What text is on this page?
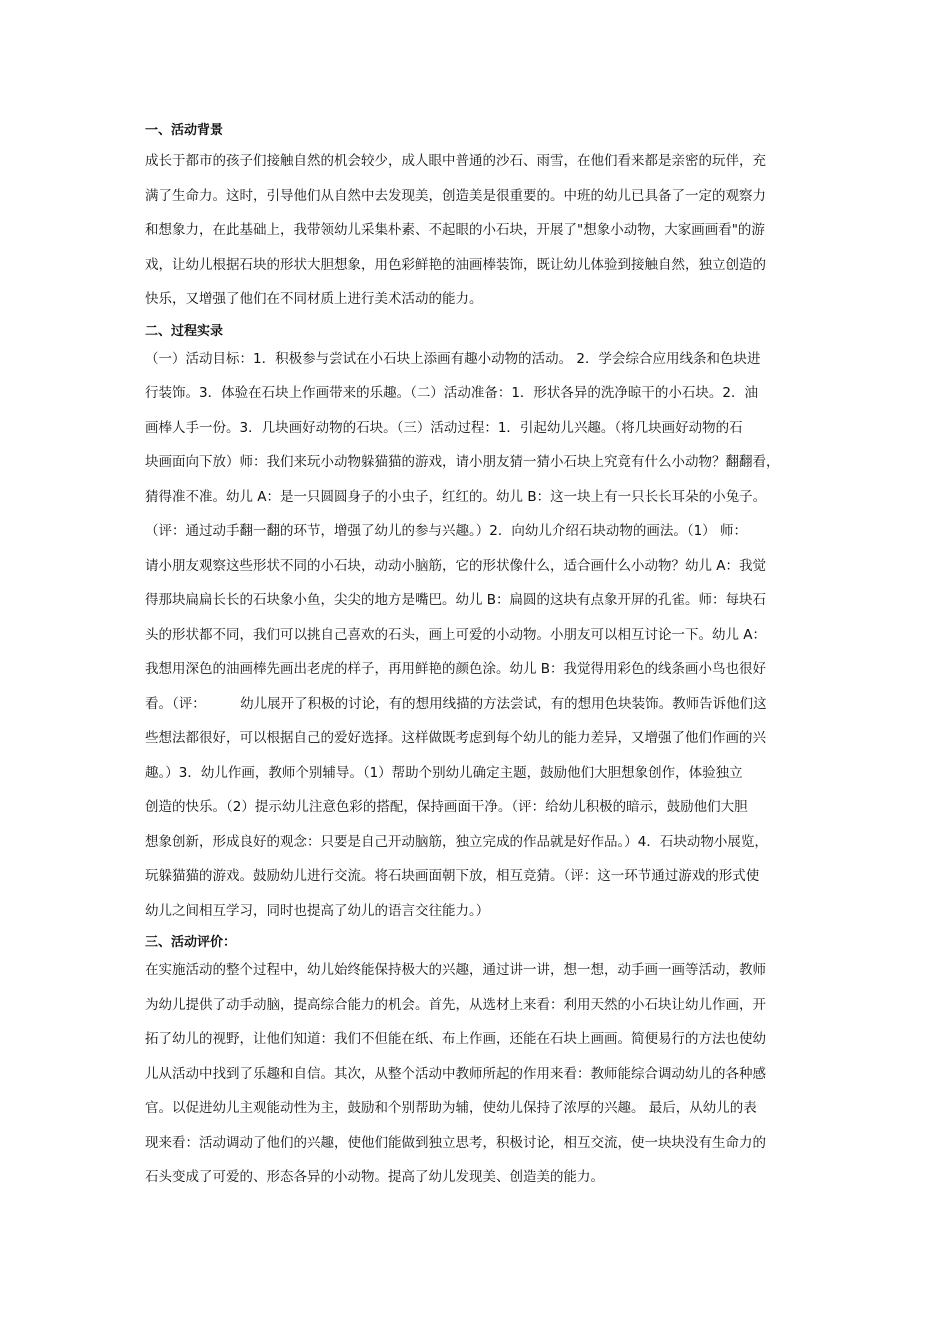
一、活动背景
成长于都市的孩子们接触自然的机会较少，成人眼中普通的沙石、雨雪，在他们看来都是亲密的玩伴，充
满了生命力。这时，引导他们从自然中去发现美，创造美是很重要的。中班的幼儿已具备了一定的观察力
和想象力，在此基础上，我带领幼儿采集朴素、不起眼的小石块，开展了"想象小动物，大家画画看"的游
戏，让幼儿根据石块的形状大胆想象，用色彩鲜艳的油画棒装饰，既让幼儿体验到接触自然，独立创造的
快乐，又增强了他们在不同材质上进行美术活动的能力。
二、过程实录
（一）活动目标：1．积极参与尝试在小石块上添画有趣小动物的活动。 2．学会综合应用线条和色块进
行装饰。3．体验在石块上作画带来的乐趣。（二）活动准备：1．形状各异的洗净晾干的小石块。2．油
画棒人手一份。3．几块画好动物的石块。（三）活动过程：1．引起幼儿兴趣。（将几块画好动物的石
块画面向下放）师：我们来玩小动物躲猫猫的游戏，请小朋友猜一猜小石块上究竟有什么小动物？翻翻看，
猜得准不准。幼儿 A：是一只圆圆身子的小虫子，红红的。幼儿 B：这一块上有一只长长耳朵的小兔子。
（评：通过动手翻一翻的环节，增强了幼儿的参与兴趣。）2．向幼儿介绍石块动物的画法。（1） 师：
请小朋友观察这些形状不同的小石块，动动小脑筋，它的形状像什么，适合画什么小动物？幼儿 A：我觉
得那块扁扁长长的石块象小鱼，尖尖的地方是嘴巴。幼儿 B：扁圆的这块有点象开屏的孔雀。师：每块石
头的形状都不同，我们可以挑自己喜欢的石头，画上可爱的小动物。小朋友可以相互讨论一下。幼儿 A：
我想用深色的油画棒先画出老虎的样子，再用鲜艳的颜色涂。幼儿 B：我觉得用彩色的线条画小鸟也很好
看。（评：        幼儿展开了积极的讨论，有的想用线描的方法尝试，有的想用色块装饰。教师告诉他们这
些想法都很好，可以根据自己的爱好选择。这样做既考虑到每个幼儿的能力差异，又增强了他们作画的兴
趣。）3．幼儿作画，教师个别辅导。（1）帮助个别幼儿确定主题，鼓励他们大胆想象创作，体验独立
创造的快乐。（2）提示幼儿注意色彩的搭配，保持画面干净。（评：给幼儿积极的暗示，鼓励他们大胆
想象创新，形成良好的观念：只要是自己开动脑筋，独立完成的作品就是好作品。）4．石块动物小展览，
玩躲猫猫的游戏。鼓励幼儿进行交流。将石块画面朝下放，相互竞猜。（评：这一环节通过游戏的形式使
幼儿之间相互学习，同时也提高了幼儿的语言交往能力。）
三、活动评价：
在实施活动的整个过程中，幼儿始终能保持极大的兴趣，通过讲一讲，想一想，动手画一画等活动，教师
为幼儿提供了动手动脑，提高综合能力的机会。首先，从选材上来看：利用天然的小石块让幼儿作画，开
拓了幼儿的视野，让他们知道：我们不但能在纸、布上作画，还能在石块上画画。简便易行的方法也使幼
儿从活动中找到了乐趣和自信。其次，从整个活动中教师所起的作用来看：教师能综合调动幼儿的各种感
官。以促进幼儿主观能动性为主，鼓励和个别帮助为辅，使幼儿保持了浓厚的兴趣。 最后，从幼儿的表
现来看：活动调动了他们的兴趣，使他们能做到独立思考，积极讨论，相互交流，使一块块没有生命力的
石头变成了可爱的、形态各异的小动物。提高了幼儿发现美、创造美的能力。
